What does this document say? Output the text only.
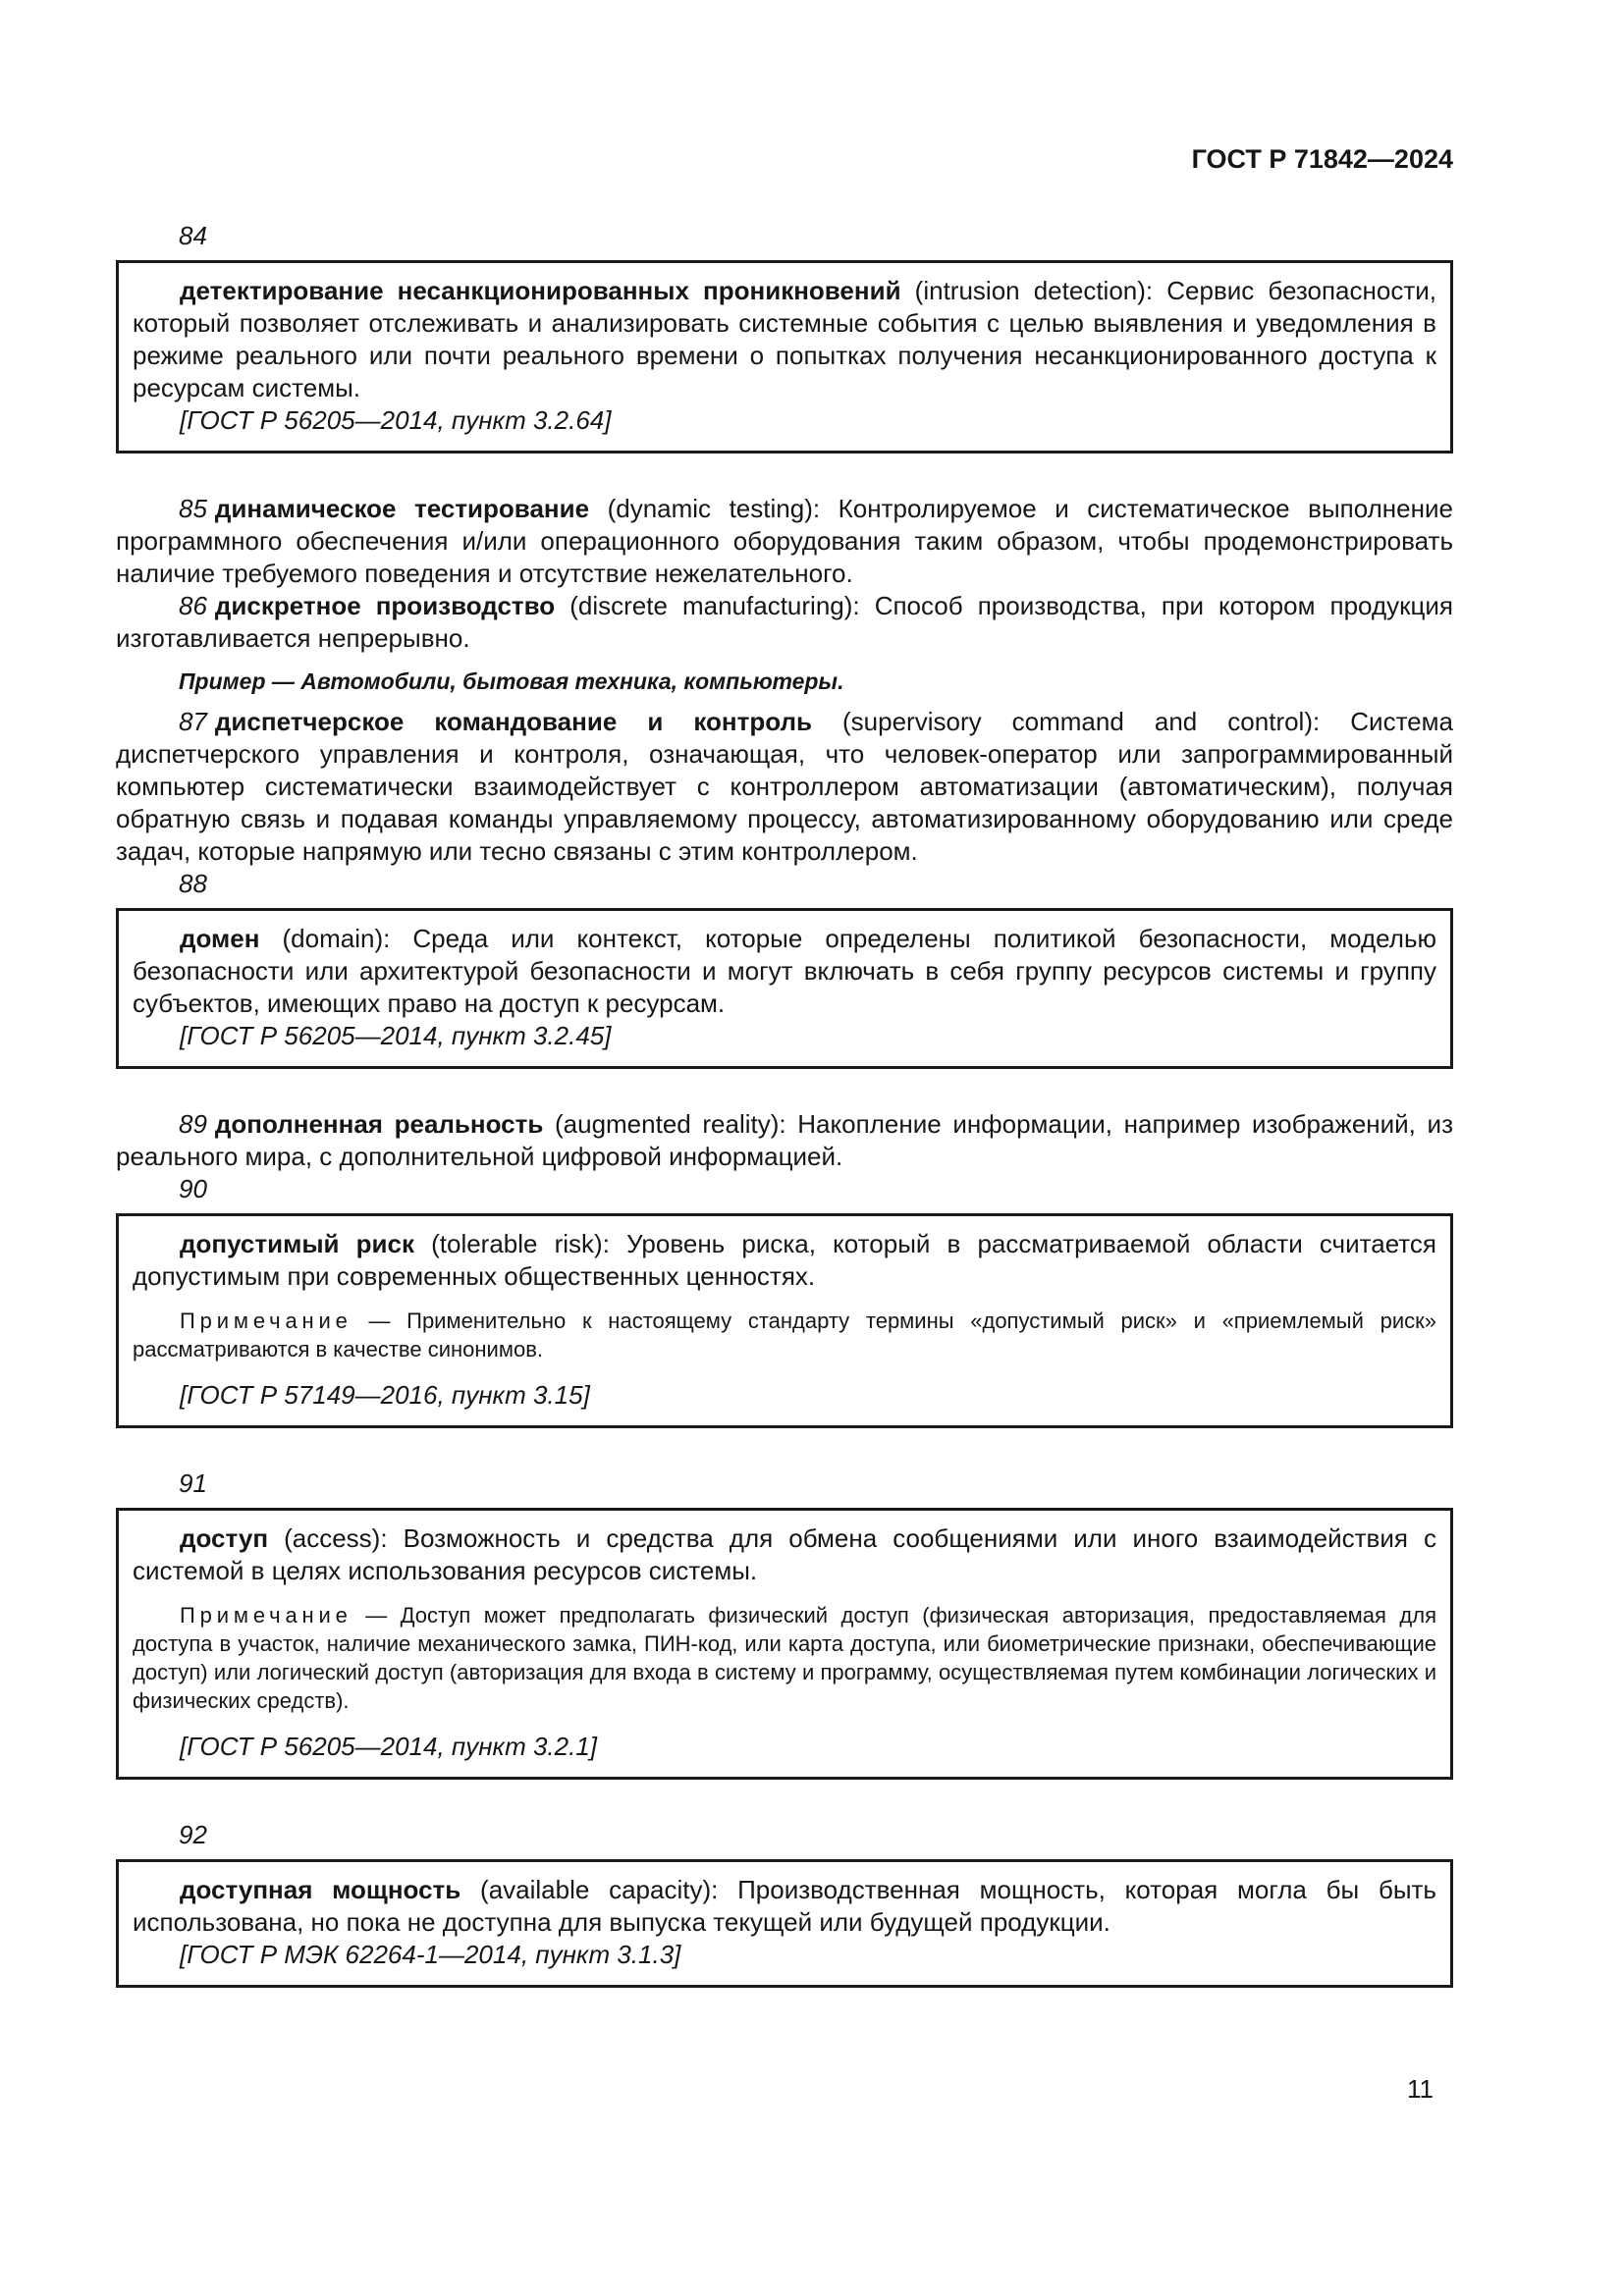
ГОСТ Р 71842—2024

84

детектирование несанкционированных проникновений (intrusion detection): Сервис безопасности, который позволяет отслеживать и анализировать системные события с целью выявления и уведомления в режиме реального или почти реального времени о попытках получения несанкционированного доступа к ресурсам системы.

[ГОСТ Р 56205—2014, пункт 3.2.64]

85 динамическое тестирование (dynamic testing): Контролируемое и систематическое выполнение программного обеспечения и/или операционного оборудования таким образом, чтобы продемонстрировать наличие требуемого поведения и отсутствие нежелательного.

86 дискретное производство (discrete manufacturing): Способ производства, при котором продукция изготавливается непрерывно.

Пример — Автомобили, бытовая техника, компьютеры.

87 диспетчерское командование и контроль (supervisory command and control): Система диспетчерского управления и контроля, означающая, что человек-оператор или запрограммированный компьютер систематически взаимодействует с контроллером автоматизации (автоматическим), получая обратную связь и подавая команды управляемому процессу, автоматизированному оборудованию или среде задач, которые напрямую или тесно связаны с этим контроллером.

88

домен (domain): Среда или контекст, которые определены политикой безопасности, моделью безопасности или архитектурой безопасности и могут включать в себя группу ресурсов системы и группу субъектов, имеющих право на доступ к ресурсам.

[ГОСТ Р 56205—2014, пункт 3.2.45]

89 дополненная реальность (augmented reality): Накопление информации, например изображений, из реального мира, с дополнительной цифровой информацией.

90

допустимый риск (tolerable risk): Уровень риска, который в рассматриваемой области считается допустимым при современных общественных ценностях.

Примечание — Применительно к настоящему стандарту термины «допустимый риск» и «приемлемый риск» рассматриваются в качестве синонимов.

[ГОСТ Р 57149—2016, пункт 3.15]

91

доступ (access): Возможность и средства для обмена сообщениями или иного взаимодействия с системой в целях использования ресурсов системы.

Примечание — Доступ может предполагать физический доступ (физическая авторизация, предоставляемая для доступа в участок, наличие механического замка, ПИН-код, или карта доступа, или биометрические признаки, обеспечивающие доступ) или логический доступ (авторизация для входа в систему и программу, осуществляемая путем комбинации логических и физических средств).

[ГОСТ Р 56205—2014, пункт 3.2.1]

92

доступная мощность (available capacity): Производственная мощность, которая могла бы быть использована, но пока не доступна для выпуска текущей или будущей продукции.

[ГОСТ Р МЭК 62264-1—2014, пункт 3.1.3]

11
